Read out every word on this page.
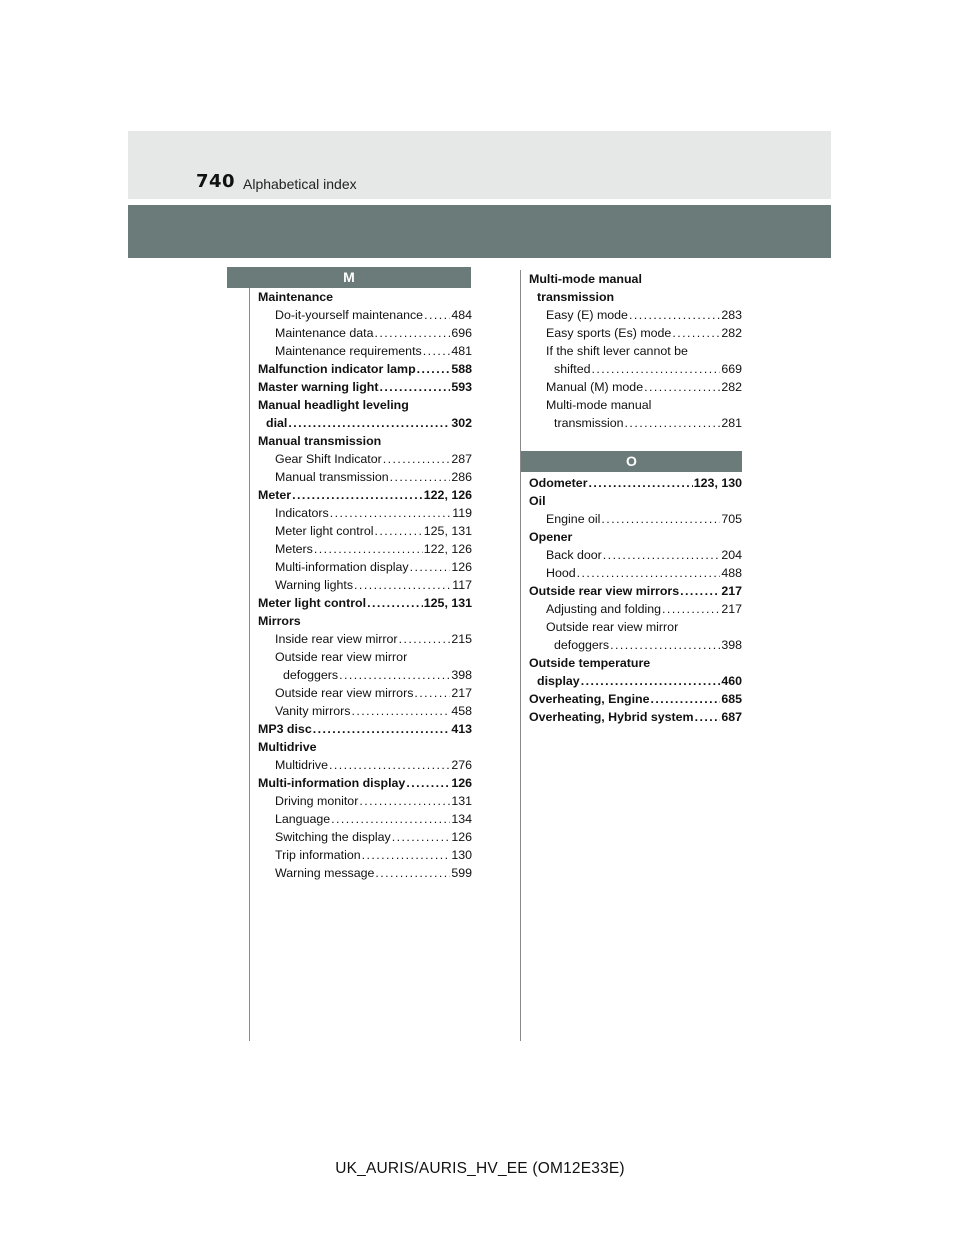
740 Alphabetical index
M
Maintenance
Do-it-yourself maintenance . . . 484
Maintenance data . . .	696
Maintenance requirements . . . 481
Malfunction indicator lamp . . .	588
Master warning light . . .	593
Manual headlight leveling
dial . . .	302
Manual transmission
Gear Shift Indicator . . .	287
Manual transmission . . .	286
Meter . . .	122, 126
Indicators . . .	119
Meter light control . . .	125, 131
Meters . . .	122, 126
Multi-information display . . .	126
Warning lights . . .	117
Meter light control . . .	125, 131
Mirrors
Inside rear view mirror . . .	215
Outside rear view mirror
defoggers . . .	398
Outside rear view mirrors . . .	217
Vanity mirrors . . .	458
MP3 disc . . .	413
Multidrive
Multidrive . . .	276
Multi-information display . . .	126
Driving monitor . . .	131
Language . . .	134
Switching the display . . .	126
Trip information . . .	130
Warning message . . .	599
Multi-mode manual
transmission
Easy (E) mode . . .	283
Easy sports (Es) mode . . .	282
If the shift lever cannot be
shifted . . .	669
Manual (M) mode . . .	282
Multi-mode manual
transmission . . .	281
O
Odometer . . .	123, 130
Oil
Engine oil . . .	705
Opener
Back door . . .	204
Hood . . .	488
Outside rear view mirrors . . .	217
Adjusting and folding . . .	217
Outside rear view mirror
defoggers . . .	398
Outside temperature
display . . .	460
Overheating, Engine . . .	685
Overheating, Hybrid system . . . 687
UK_AURIS/AURIS_HV_EE (OM12E33E)
